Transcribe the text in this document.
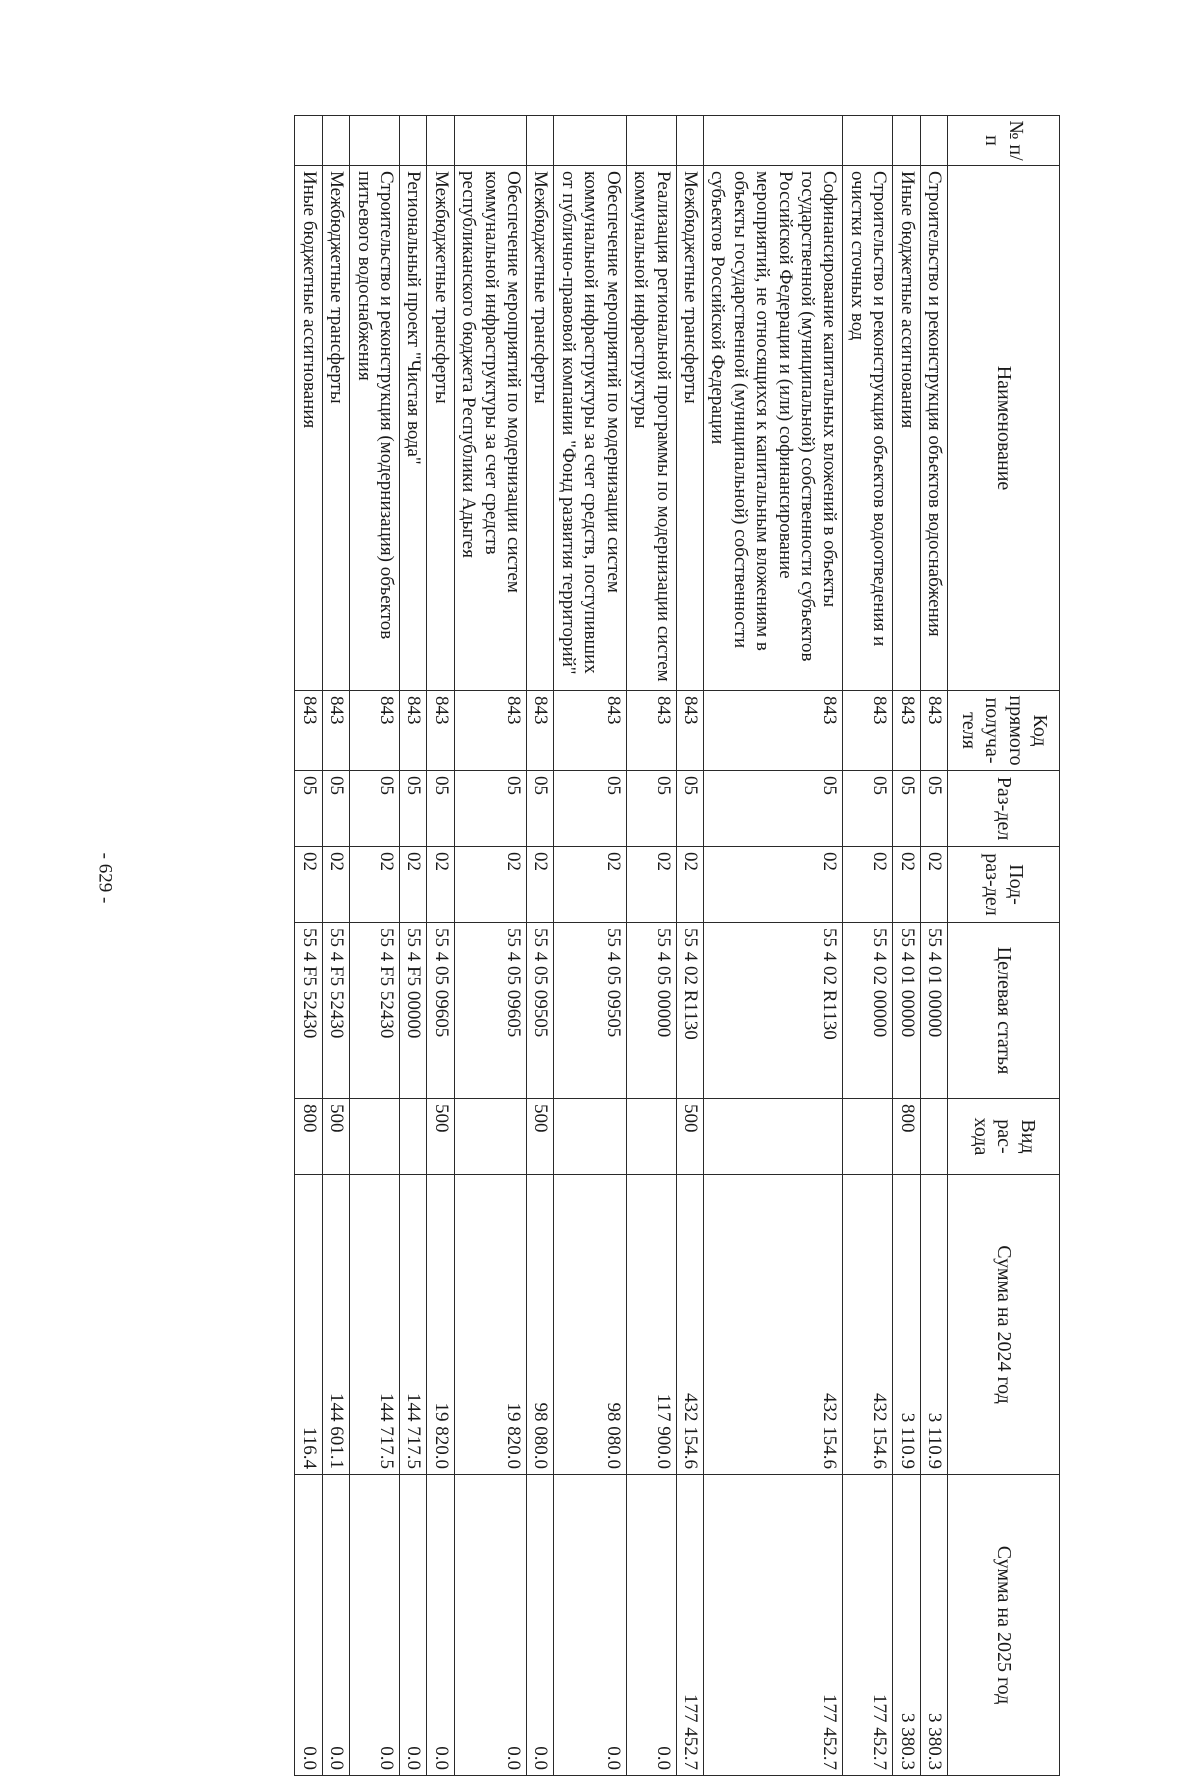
- 629 -
№ п/п	Наименование	Код прямого получа-теля	Раз-дел	Под-раз-дел	Целевая статья	Вид рас-хода	Сумма на 2024 год	Сумма на 2025 год
	Строительство и реконструкция объектов водоснабжения	843	05	02	55 4 01 00000		3 110.9	3 380.3
	Иные бюджетные ассигнования	843	05	02	55 4 01 00000	800	3 110.9	3 380.3
	Строительство и реконструкция объектов водоотведения и очистки сточных вод	843	05	02	55 4 02 00000		432 154.6	177 452.7
	Софинансирование капитальных вложений в объекты государственной (муниципальной) собственности субъектов Российской Федерации и (или) софинансирование мероприятий, не относящихся к капитальным вложениям в объекты государственной (муниципальной) собственности субъектов Российской Федерации	843	05	02	55 4 02 R1130		432 154.6	177 452.7
	Межбюджетные трансферты	843	05	02	55 4 02 R1130	500	432 154.6	177 452.7
	Реализация региональной программы по модернизации систем коммунальной инфраструктуры	843	05	02	55 4 05 00000		117 900.0	0.0
	Обеспечение мероприятий по модернизации систем коммунальной инфраструктуры за счет средств, поступивших от публично-правовой компании "Фонд развития территорий"	843	05	02	55 4 05 09505		98 080.0	0.0
	Межбюджетные трансферты	843	05	02	55 4 05 09505	500	98 080.0	0.0
	Обеспечение мероприятий по модернизации систем коммунальной инфраструктуры за счет средств республиканского бюджета Республики Адыгея	843	05	02	55 4 05 09605		19 820.0	0.0
	Межбюджетные трансферты	843	05	02	55 4 05 09605	500	19 820.0	0.0
	Региональный проект "Чистая вода"	843	05	02	55 4 F5 00000		144 717.5	0.0
	Строительство и реконструкция (модернизация) объектов питьевого водоснабжения	843	05	02	55 4 F5 52430		144 717.5	0.0
	Межбюджетные трансферты	843	05	02	55 4 F5 52430	500	144 601.1	0.0
	Иные бюджетные ассигнования	843	05	02	55 4 F5 52430	800	116.4	0.0
